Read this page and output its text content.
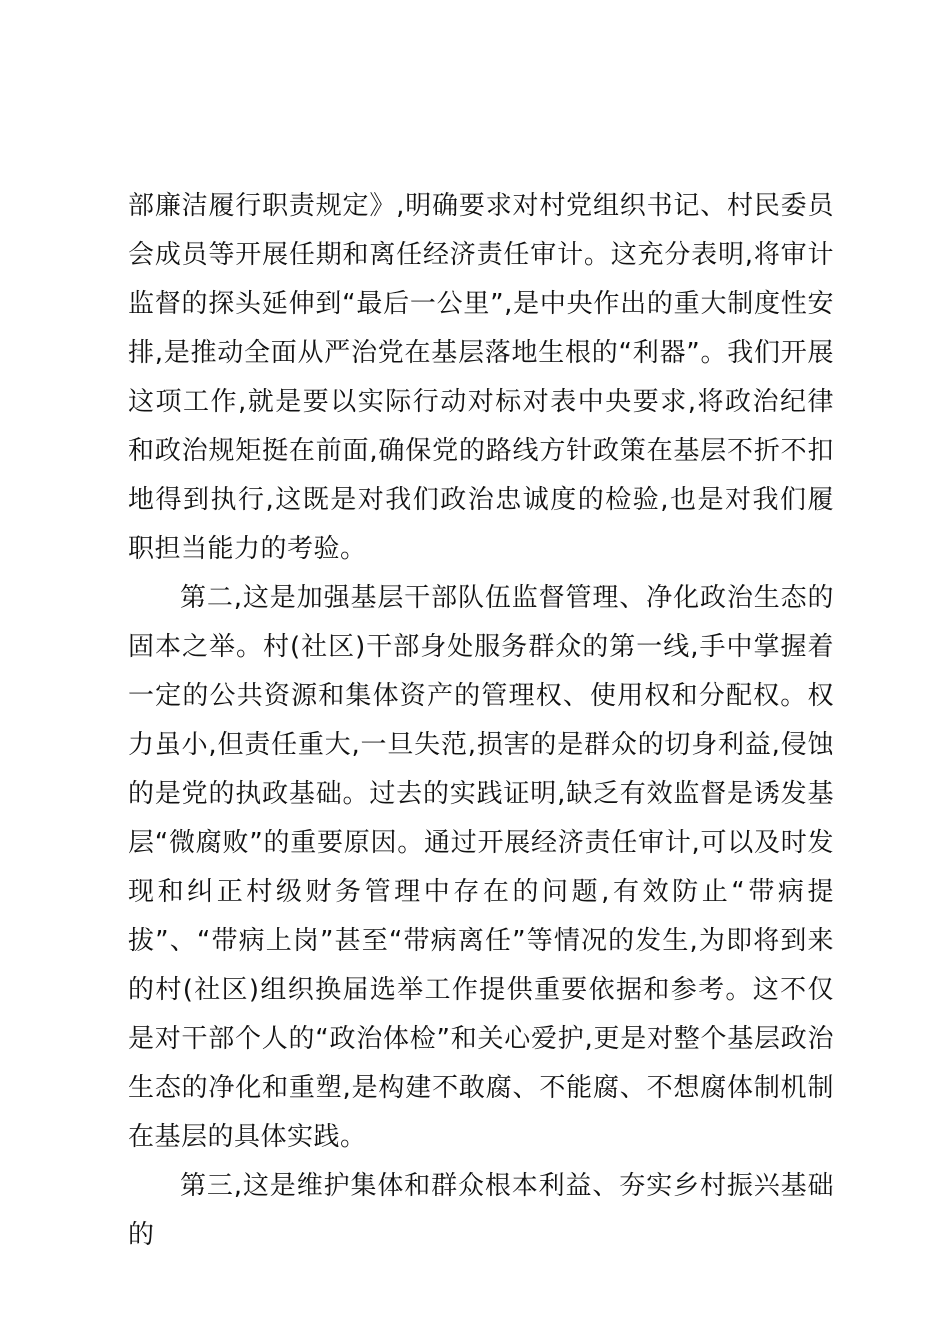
部廉洁履行职责规定》,明确要求对村党组织书记、村民委员会成员等开展任期和离任经济责任审计。这充分表明,将审计监督的探头延伸到“最后一公里”,是中央作出的重大制度性安排,是推动全面从严治党在基层落地生根的“利器”。我们开展这项工作,就是要以实际行动对标对表中央要求,将政治纪律和政治规矩挺在前面,确保党的路线方针政策在基层不折不扣地得到执行,这既是对我们政治忠诚度的检验,也是对我们履职担当能力的考验。

第二,这是加强基层干部队伍监督管理、净化政治生态的固本之举。村(社区)干部身处服务群众的第一线,手中掌握着一定的公共资源和集体资产的管理权、使用权和分配权。权力虽小,但责任重大,一旦失范,损害的是群众的切身利益,侵蚀的是党的执政基础。过去的实践证明,缺乏有效监督是诱发基层“微腐败”的重要原因。通过开展经济责任审计,可以及时发现和纠正村级财务管理中存在的问题,有效防止“带病提拔”、“带病上岗”甚至“带病离任”等情况的发生,为即将到来的村(社区)组织换届选举工作提供重要依据和参考。这不仅是对干部个人的“政治体检”和关心爱护,更是对整个基层政治生态的净化和重塑,是构建不敢腐、不能腐、不想腐体制机制在基层的具体实践。

第三,这是维护集体和群众根本利益、夯实乡村振兴基础的
